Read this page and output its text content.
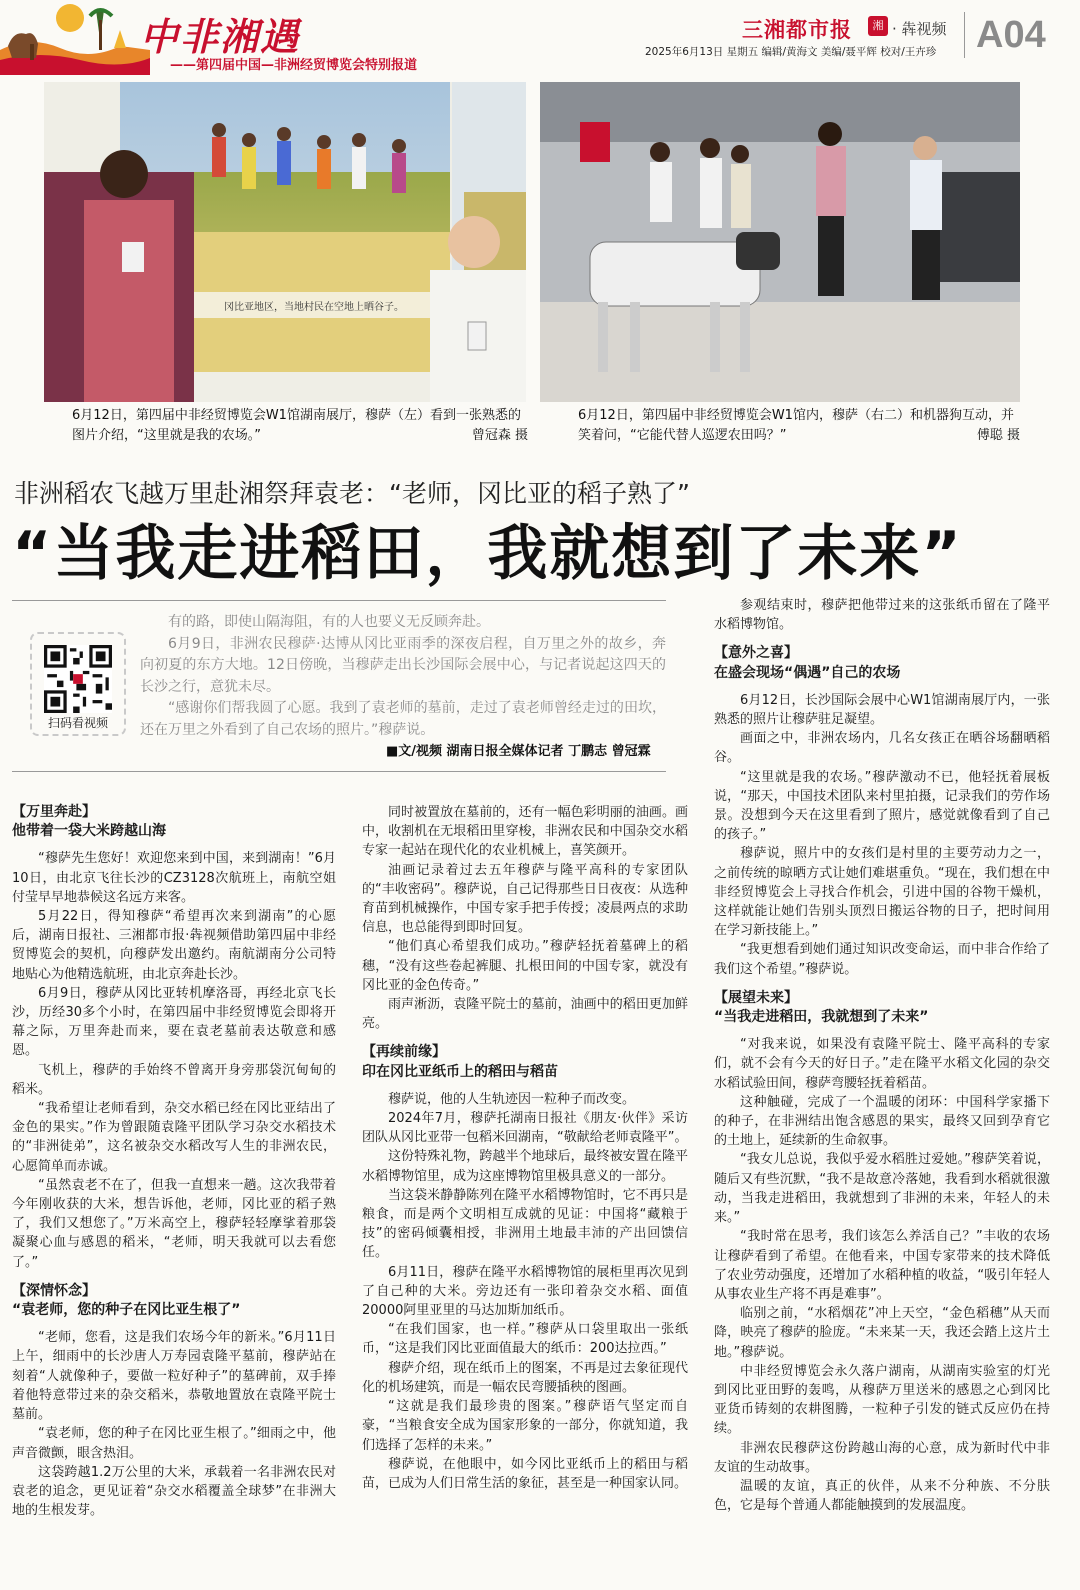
中非湘遇
——第四届中国—非洲经贸博览会特别报道
三湘都市报	湘 · 犇视频 A04
2025年6月13日 星期五 编辑/黄海文 美编/聂平辉 校对/王卉珍
冈比亚地区，当地村民在空地上晒谷子。
6月12日，第四届中非经贸博览会W1馆湖南展厅，穆萨（左）看到一张熟悉的图片介绍，“这里就是我的农场。”	曾冠森 摄
6月12日，第四届中非经贸博览会W1馆内，穆萨（右二）和机器狗互动，并笑着问，“它能代替人巡逻农田吗？”	傅聪 摄
非洲稻农飞越万里赴湘祭拜袁老：“老师，冈比亚的稻子熟了”
“当我走进稻田，我就想到了未来”
扫码看视频

有的路，即使山隔海阻，有的人也要义无反顾奔赴。

6月9日，非洲农民穆萨·达博从冈比亚雨季的深夜启程，自万里之外的故乡，奔向初夏的东方大地。12日傍晚，当穆萨走出长沙国际会展中心，与记者说起这四天的长沙之行，意犹未尽。

“感谢你们帮我圆了心愿。我到了袁老师的墓前，走过了袁老师曾经走过的田坎，还在万里之外看到了自己农场的照片。”穆萨说。

■文/视频 湖南日报全媒体记者 丁鹏志 曾冠霖
【万里奔赴】
他带着一袋大米跨越山海

“穆萨先生您好！欢迎您来到中国，来到湖南！”6月10日，由北京飞往长沙的CZ3128次航班上，南航空姐付莹早早地恭候这名远方来客。

5月22日，得知穆萨“希望再次来到湖南”的心愿后，湖南日报社、三湘都市报·犇视频借助第四届中非经贸博览会的契机，向穆萨发出邀约。南航湖南分公司特地贴心为他精选航班，由北京奔赴长沙。

6月9日，穆萨从冈比亚转机摩洛哥，再经北京飞长沙，历经30多个小时，在第四届中非经贸博览会即将开幕之际，万里奔赴而来，要在袁老墓前表达敬意和感恩。

飞机上，穆萨的手始终不曾离开身旁那袋沉甸甸的稻米。

“我希望让老师看到，杂交水稻已经在冈比亚结出了金色的果实。”作为曾跟随袁隆平团队学习杂交水稻技术的“非洲徒弟”，这名被杂交水稻改写人生的非洲农民，心愿简单而赤诚。

“虽然袁老不在了，但我一直想来一趟。这次我带着今年刚收获的大米，想告诉他，老师，冈比亚的稻子熟了，我们又想您了。”万米高空上，穆萨轻轻摩挲着那袋凝聚心血与感恩的稻米，“老师，明天我就可以去看您了。”

【深情怀念】
“袁老师，您的种子在冈比亚生根了”

“老师，您看，这是我们农场今年的新米。”6月11日上午，细雨中的长沙唐人万寿园袁隆平墓前，穆萨站在刻着“人就像种子，要做一粒好种子”的墓碑前，双手捧着他特意带过来的杂交稻米，恭敬地置放在袁隆平院士墓前。

“袁老师，您的种子在冈比亚生根了。”细雨之中，他声音微颤，眼含热泪。

这袋跨越1.2万公里的大米，承载着一名非洲农民对袁老的追念，更见证着“杂交水稻覆盖全球梦”在非洲大地的生根发芽。

同时被置放在墓前的，还有一幅色彩明丽的油画。画中，收割机在无垠稻田里穿梭，非洲农民和中国杂交水稻专家一起站在现代化的农业机械上，喜笑颜开。

油画记录着过去五年穆萨与隆平高科的专家团队的“丰收密码”。穆萨说，自己记得那些日日夜夜：从选种育苗到机械操作，中国专家手把手传授；凌晨两点的求助信息，也总能得到即时回复。

“他们真心希望我们成功。”穆萨轻抚着墓碑上的稻穗，“没有这些卷起裤腿、扎根田间的中国专家，就没有冈比亚的金色传奇。”

雨声淅沥，袁隆平院士的墓前，油画中的稻田更加鲜亮。

【再续前缘】
印在冈比亚纸币上的稻田与稻苗

穆萨说，他的人生轨迹因一粒种子而改变。

2024年7月，穆萨托湖南日报社《朋友·伙伴》采访团队从冈比亚带一包稻米回湖南，“敬献给老师袁隆平”。

这份特殊礼物，跨越半个地球后，最终被安置在隆平水稻博物馆里，成为这座博物馆里极具意义的一部分。

当这袋米静静陈列在隆平水稻博物馆时，它不再只是粮食，而是两个文明相互成就的见证：中国将“藏粮于技”的密码倾囊相授，非洲用土地最丰沛的产出回馈信任。

6月11日，穆萨在隆平水稻博物馆的展柜里再次见到了自己种的大米。旁边还有一张印着杂交水稻、面值20000阿里亚里的马达加斯加纸币。

“在我们国家，也一样。”穆萨从口袋里取出一张纸币，“这是我们冈比亚面值最大的纸币：200达拉西。”

穆萨介绍，现在纸币上的图案，不再是过去象征现代化的机场建筑，而是一幅农民弯腰插秧的图画。

“这就是我们最珍贵的图案。”穆萨语气坚定而自豪，“当粮食安全成为国家形象的一部分，你就知道，我们选择了怎样的未来。”

穆萨说，在他眼中，如今冈比亚纸币上的稻田与稻苗，已成为人们日常生活的象征，甚至是一种国家认同。

参观结束时，穆萨把他带过来的这张纸币留在了隆平水稻博物馆。

【意外之喜】
在盛会现场“偶遇”自己的农场

6月12日，长沙国际会展中心W1馆湖南展厅内，一张熟悉的照片让穆萨驻足凝望。

画面之中，非洲农场内，几名女孩正在晒谷场翻晒稻谷。

“这里就是我的农场。”穆萨激动不已，他轻抚着展板说，“那天，中国技术团队来村里拍摄，记录我们的劳作场景。没想到今天在这里看到了照片，感觉就像看到了自己的孩子。”

穆萨说，照片中的女孩们是村里的主要劳动力之一，之前传统的晾晒方式让她们难堪重负。“现在，我们想在中非经贸博览会上寻找合作机会，引进中国的谷物干燥机，这样就能让她们告别头顶烈日搬运谷物的日子，把时间用在学习新技能上。”

“我更想看到她们通过知识改变命运，而中非合作给了我们这个希望。”穆萨说。

【展望未来】
“当我走进稻田，我就想到了未来”

“对我来说，如果没有袁隆平院士、隆平高科的专家们，就不会有今天的好日子。”走在隆平水稻文化园的杂交水稻试验田间，穆萨弯腰轻抚着稻苗。

这种触碰，完成了一个温暖的闭环：中国科学家播下的种子，在非洲结出饱含感恩的果实，最终又回到孕育它的土地上，延续新的生命叙事。

“我女儿总说，我似乎爱水稻胜过爱她。”穆萨笑着说，随后又有些沉默，“我不是故意冷落她，我看到水稻就很激动，当我走进稻田，我就想到了非洲的未来，年轻人的未来。”

“我时常在思考，我们该怎么养活自己？”丰收的农场让穆萨看到了希望。在他看来，中国专家带来的技术降低了农业劳动强度，还增加了水稻种植的收益，“吸引年轻人从事农业生产将不再是难事”。

临别之前，“水稻烟花”冲上天空，“金色稻穗”从天而降，映亮了穆萨的脸庞。“未来某一天，我还会踏上这片土地。”穆萨说。

中非经贸博览会永久落户湖南，从湖南实验室的灯光到冈比亚田野的轰鸣，从穆萨万里送米的感恩之心到冈比亚货币铸刻的农耕图腾，一粒种子引发的链式反应仍在持续。

非洲农民穆萨这份跨越山海的心意，成为新时代中非友谊的生动故事。

温暖的友谊，真正的伙伴，从来不分种族、不分肤色，它是每个普通人都能触摸到的发展温度。
